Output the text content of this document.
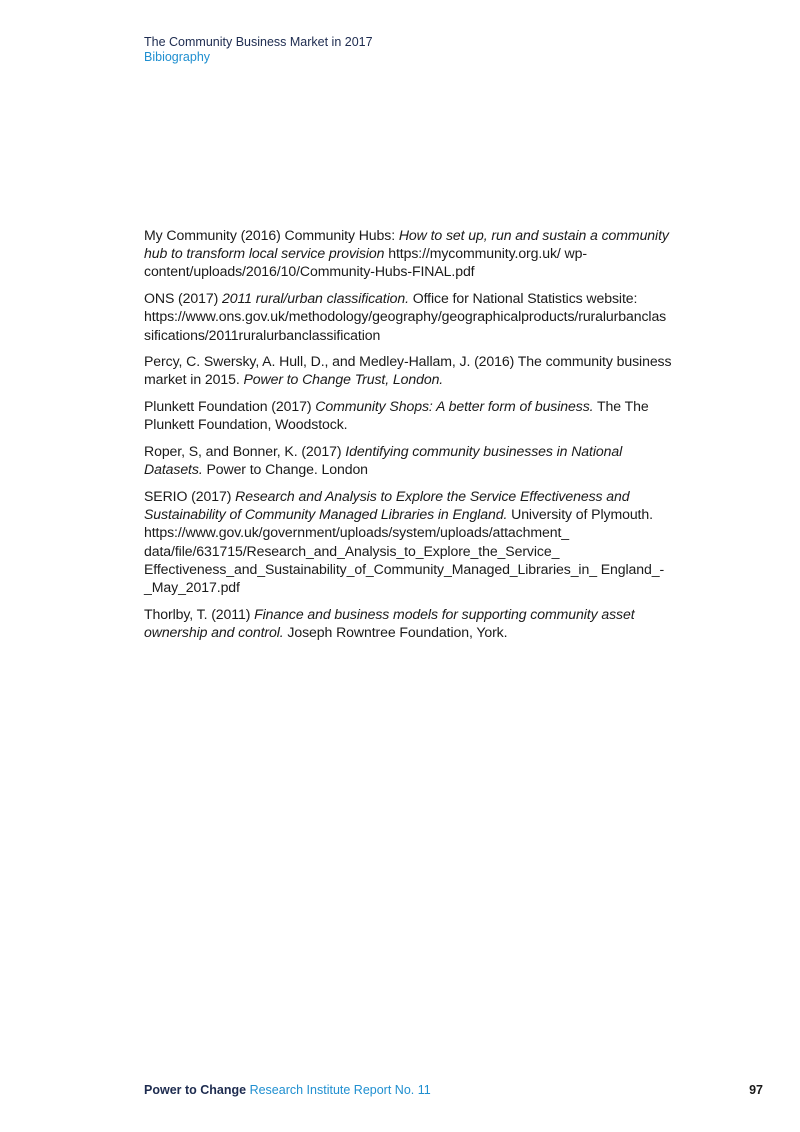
The Community Business Market in 2017
Bibiography

My Community (2016) Community Hubs: How to set up, run and sustain a community hub to transform local service provision https://mycommunity.org.uk/ wp-content/uploads/2016/10/Community-Hubs-FINAL.pdf

ONS (2017) 2011 rural/urban classification. Office for National Statistics website: https://www.ons.gov.uk/methodology/geography/geographicalproducts/ruralurbanclassifications/2011ruralurbanclassification

Percy, C. Swersky, A. Hull, D., and Medley-Hallam, J. (2016) The community business market in 2015. Power to Change Trust, London.

Plunkett Foundation (2017) Community Shops: A better form of business. The The Plunkett Foundation, Woodstock.

Roper, S, and Bonner, K. (2017) Identifying community businesses in National Datasets. Power to Change. London

SERIO (2017) Research and Analysis to Explore the Service Effectiveness and Sustainability of Community Managed Libraries in England. University of Plymouth. https://www.gov.uk/government/uploads/system/uploads/attachment_ data/file/631715/Research_and_Analysis_to_Explore_the_Service_ Effectiveness_and_Sustainability_of_Community_Managed_Libraries_in_ England_-_May_2017.pdf

Thorlby, T. (2011) Finance and business models for supporting community asset ownership and control. Joseph Rowntree Foundation, York.

Power to Change Research Institute Report No. 11	97
